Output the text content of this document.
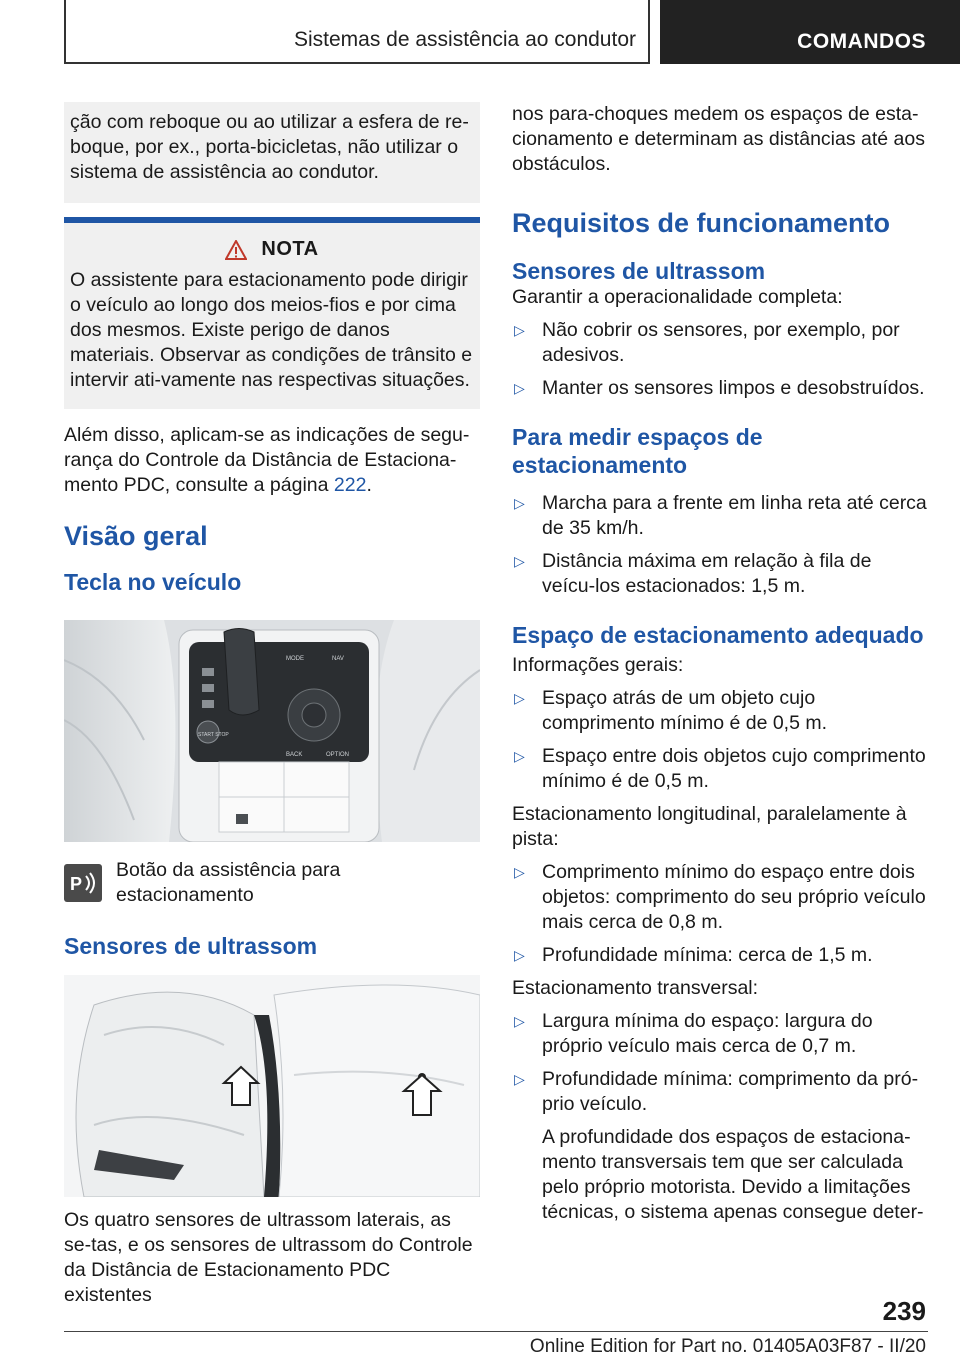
Sistemas de assistência ao condutor	COMANDOS

ção com reboque ou ao utilizar a esfera de re-boque, por ex., porta-bicicletas, não utilizar o sistema de assistência ao condutor.

NOTA

O assistente para estacionamento pode dirigir o veículo ao longo dos meios-fios e por cima dos mesmos. Existe perigo de danos materiais. Observar as condições de trânsito e intervir ati-vamente nas respectivas situações.

Além disso, aplicam-se as indicações de segu-rança do Controle da Distância de Estaciona-mento PDC, consulte a página 222.

Visão geral
Tecla no veículo
MODE	NAV
START STOP
BACK	OPTION
P
Botão da assistência para estacionamento
Sensores de ultrassom

Os quatro sensores de ultrassom laterais, as se-tas, e os sensores de ultrassom do Controle da Distância de Estacionamento PDC existentes

nos para-choques medem os espaços de esta-cionamento e determinam as distâncias até aos obstáculos.

Requisitos de funcionamento
Sensores de ultrassom

Garantir a operacionalidade completa:

▷ Não cobrir os sensores, por exemplo, por adesivos.
▷ Manter os sensores limpos e desobstruídos.
Para medir espaços de estacionamento
▷ Marcha para a frente em linha reta até cerca de 35 km/h.
▷ Distância máxima em relação à fila de veícu-los estacionados: 1,5 m.
Espaço de estacionamento adequado

Informações gerais:

▷ Espaço atrás de um objeto cujo comprimento mínimo é de 0,5 m.
▷ Espaço entre dois objetos cujo comprimento mínimo é de 0,5 m.

Estacionamento longitudinal, paralelamente à pista:

▷ Comprimento mínimo do espaço entre dois objetos: comprimento do seu próprio veículo mais cerca de 0,8 m.
▷ Profundidade mínima: cerca de 1,5 m.

Estacionamento transversal:

▷ Largura mínima do espaço: largura do próprio veículo mais cerca de 0,7 m.
▷ Profundidade mínima: comprimento da pró-prio veículo.

A profundidade dos espaços de estaciona-mento transversais tem que ser calculada pelo próprio motorista. Devido a limitações técnicas, o sistema apenas consegue deter-

239
Online Edition for Part no. 01405A03F87 - II/20
